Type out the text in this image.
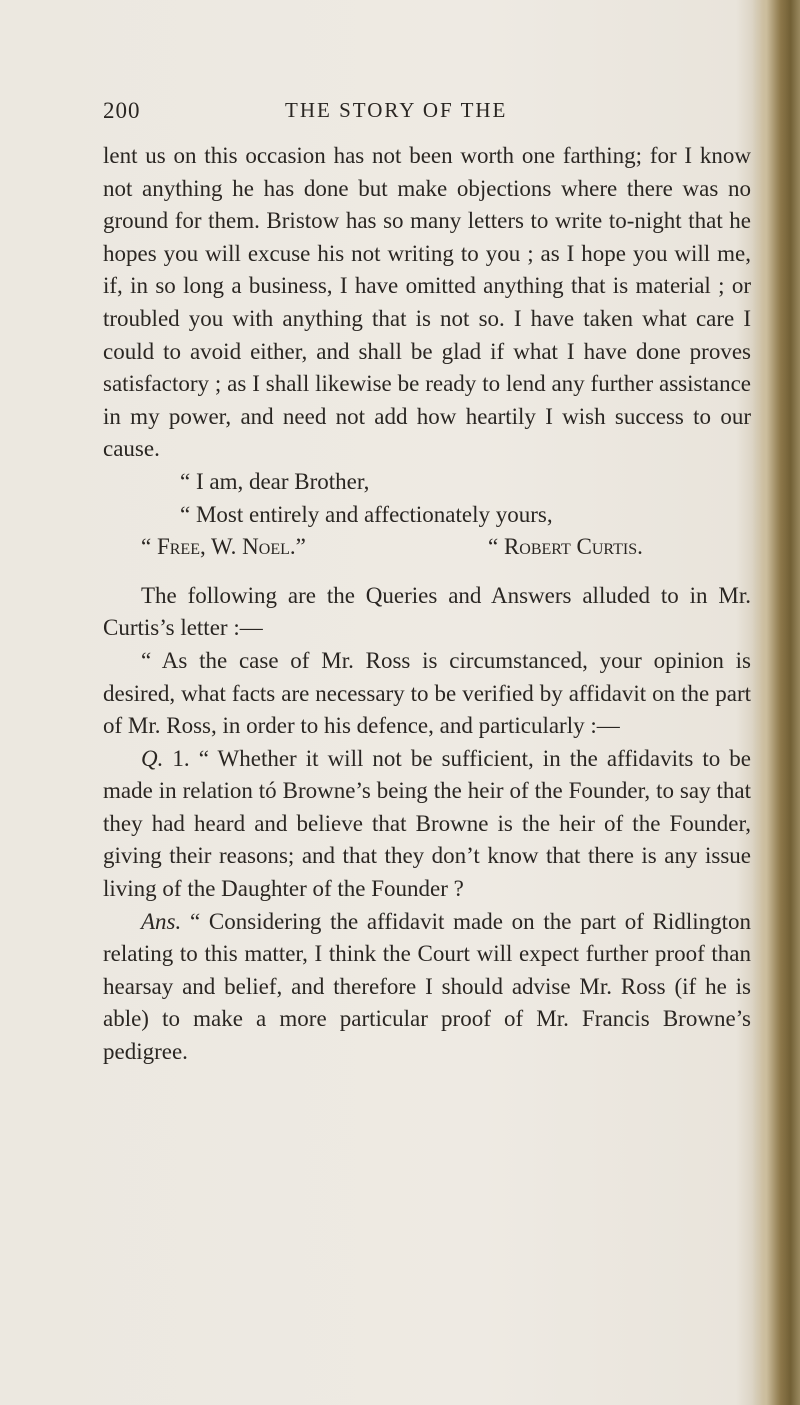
200	THE STORY OF THE

lent us on this occasion has not been worth one farthing; for I know not anything he has done but make objections where there was no ground for them. Bristow has so many letters to write to-night that he hopes you will excuse his not writing to you ; as I hope you will me, if, in so long a business, I have omitted anything that is material ; or troubled you with anything that is not so. I have taken what care I could to avoid either, and shall be glad if what I have done proves satisfactory ; as I shall likewise be ready to lend any further assistance in my power, and need not add how heartily I wish success to our cause.

“ I am, dear Brother,

“ Most entirely and affectionately yours,

“ Robert Curtis.

“ Free, W. Noel.”

The following are the Queries and Answers alluded to in Mr. Curtis’s letter :—

“ As the case of Mr. Ross is circumstanced, your opinion is desired, what facts are necessary to be verified by affidavit on the part of Mr. Ross, in order to his defence, and particularly :—

Q. 1. “ Whether it will not be sufficient, in the affidavits to be made in relation tó Browne’s being the heir of the Founder, to say that they had heard and believe that Browne is the heir of the Founder, giving their reasons; and that they don’t know that there is any issue living of the Daughter of the Founder ?

Ans. “ Considering the affidavit made on the part of Ridlington relating to this matter, I think the Court will expect further proof than hearsay and belief, and therefore I should advise Mr. Ross (if he is able) to make a more particular proof of Mr. Francis Browne’s pedigree.
